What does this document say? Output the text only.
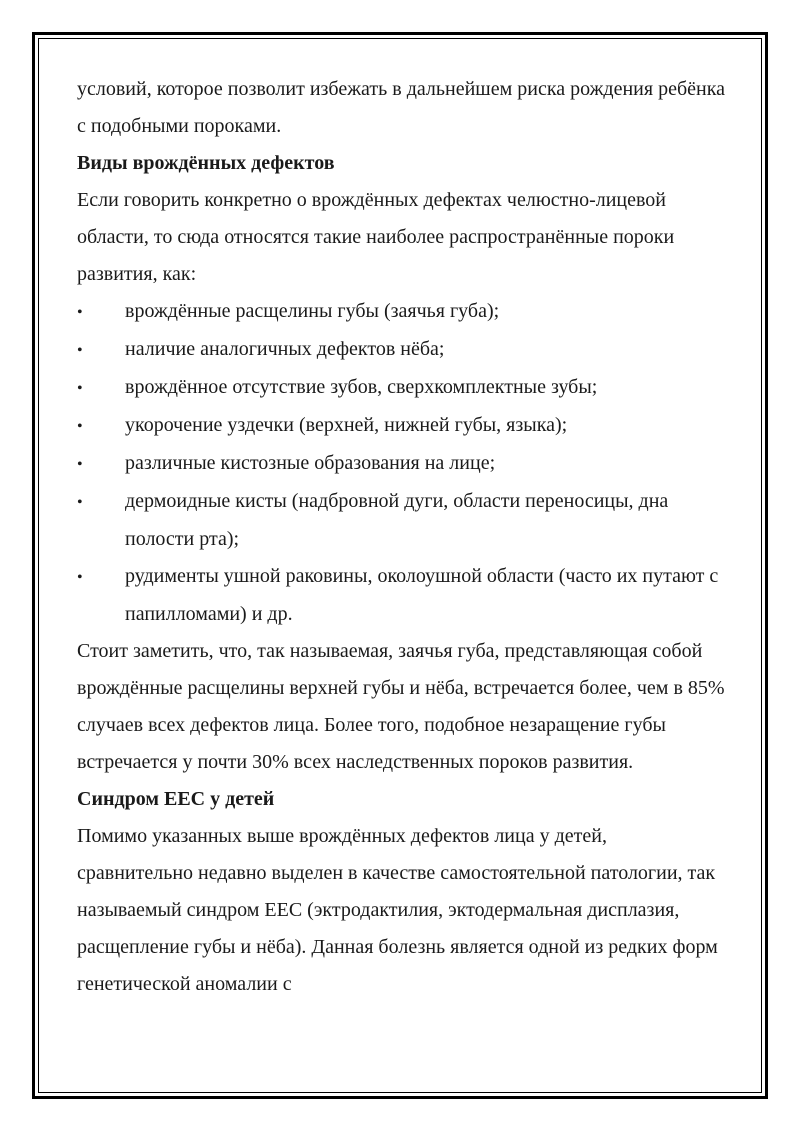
условий, которое позволит избежать в дальнейшем риска рождения ребёнка с подобными пороками.

Виды врождённых дефектов

Если говорить конкретно о врождённых дефектах челюстно-лицевой области, то сюда относятся такие наиболее распространённые пороки развития, как:

• врождённые расщелины губы (заячья губа);

• наличие аналогичных дефектов нёба;

• врождённое отсутствие зубов, сверхкомплектные зубы;

• укорочение уздечки (верхней, нижней губы, языка);

• различные кистозные образования на лице;

• дермоидные кисты (надбровной дуги, области переносицы, дна полости рта);

• рудименты ушной раковины, околоушной области (часто их путают с папилломами) и др.

Стоит заметить, что, так называемая, заячья губа, представляющая собой врождённые расщелины верхней губы и нёба, встречается более, чем в 85% случаев всех дефектов лица. Более того, подобное незаращение губы встречается у почти 30% всех наследственных пороков развития.

Синдром ЕЕС у детей

Помимо указанных выше врождённых дефектов лица у детей, сравнительно недавно выделен в качестве самостоятельной патологии, так называемый синдром ЕЕС (эктродактилия, эктодермальная дисплазия, расщепление губы и нёба). Данная болезнь является одной из редких форм генетической аномалии с
